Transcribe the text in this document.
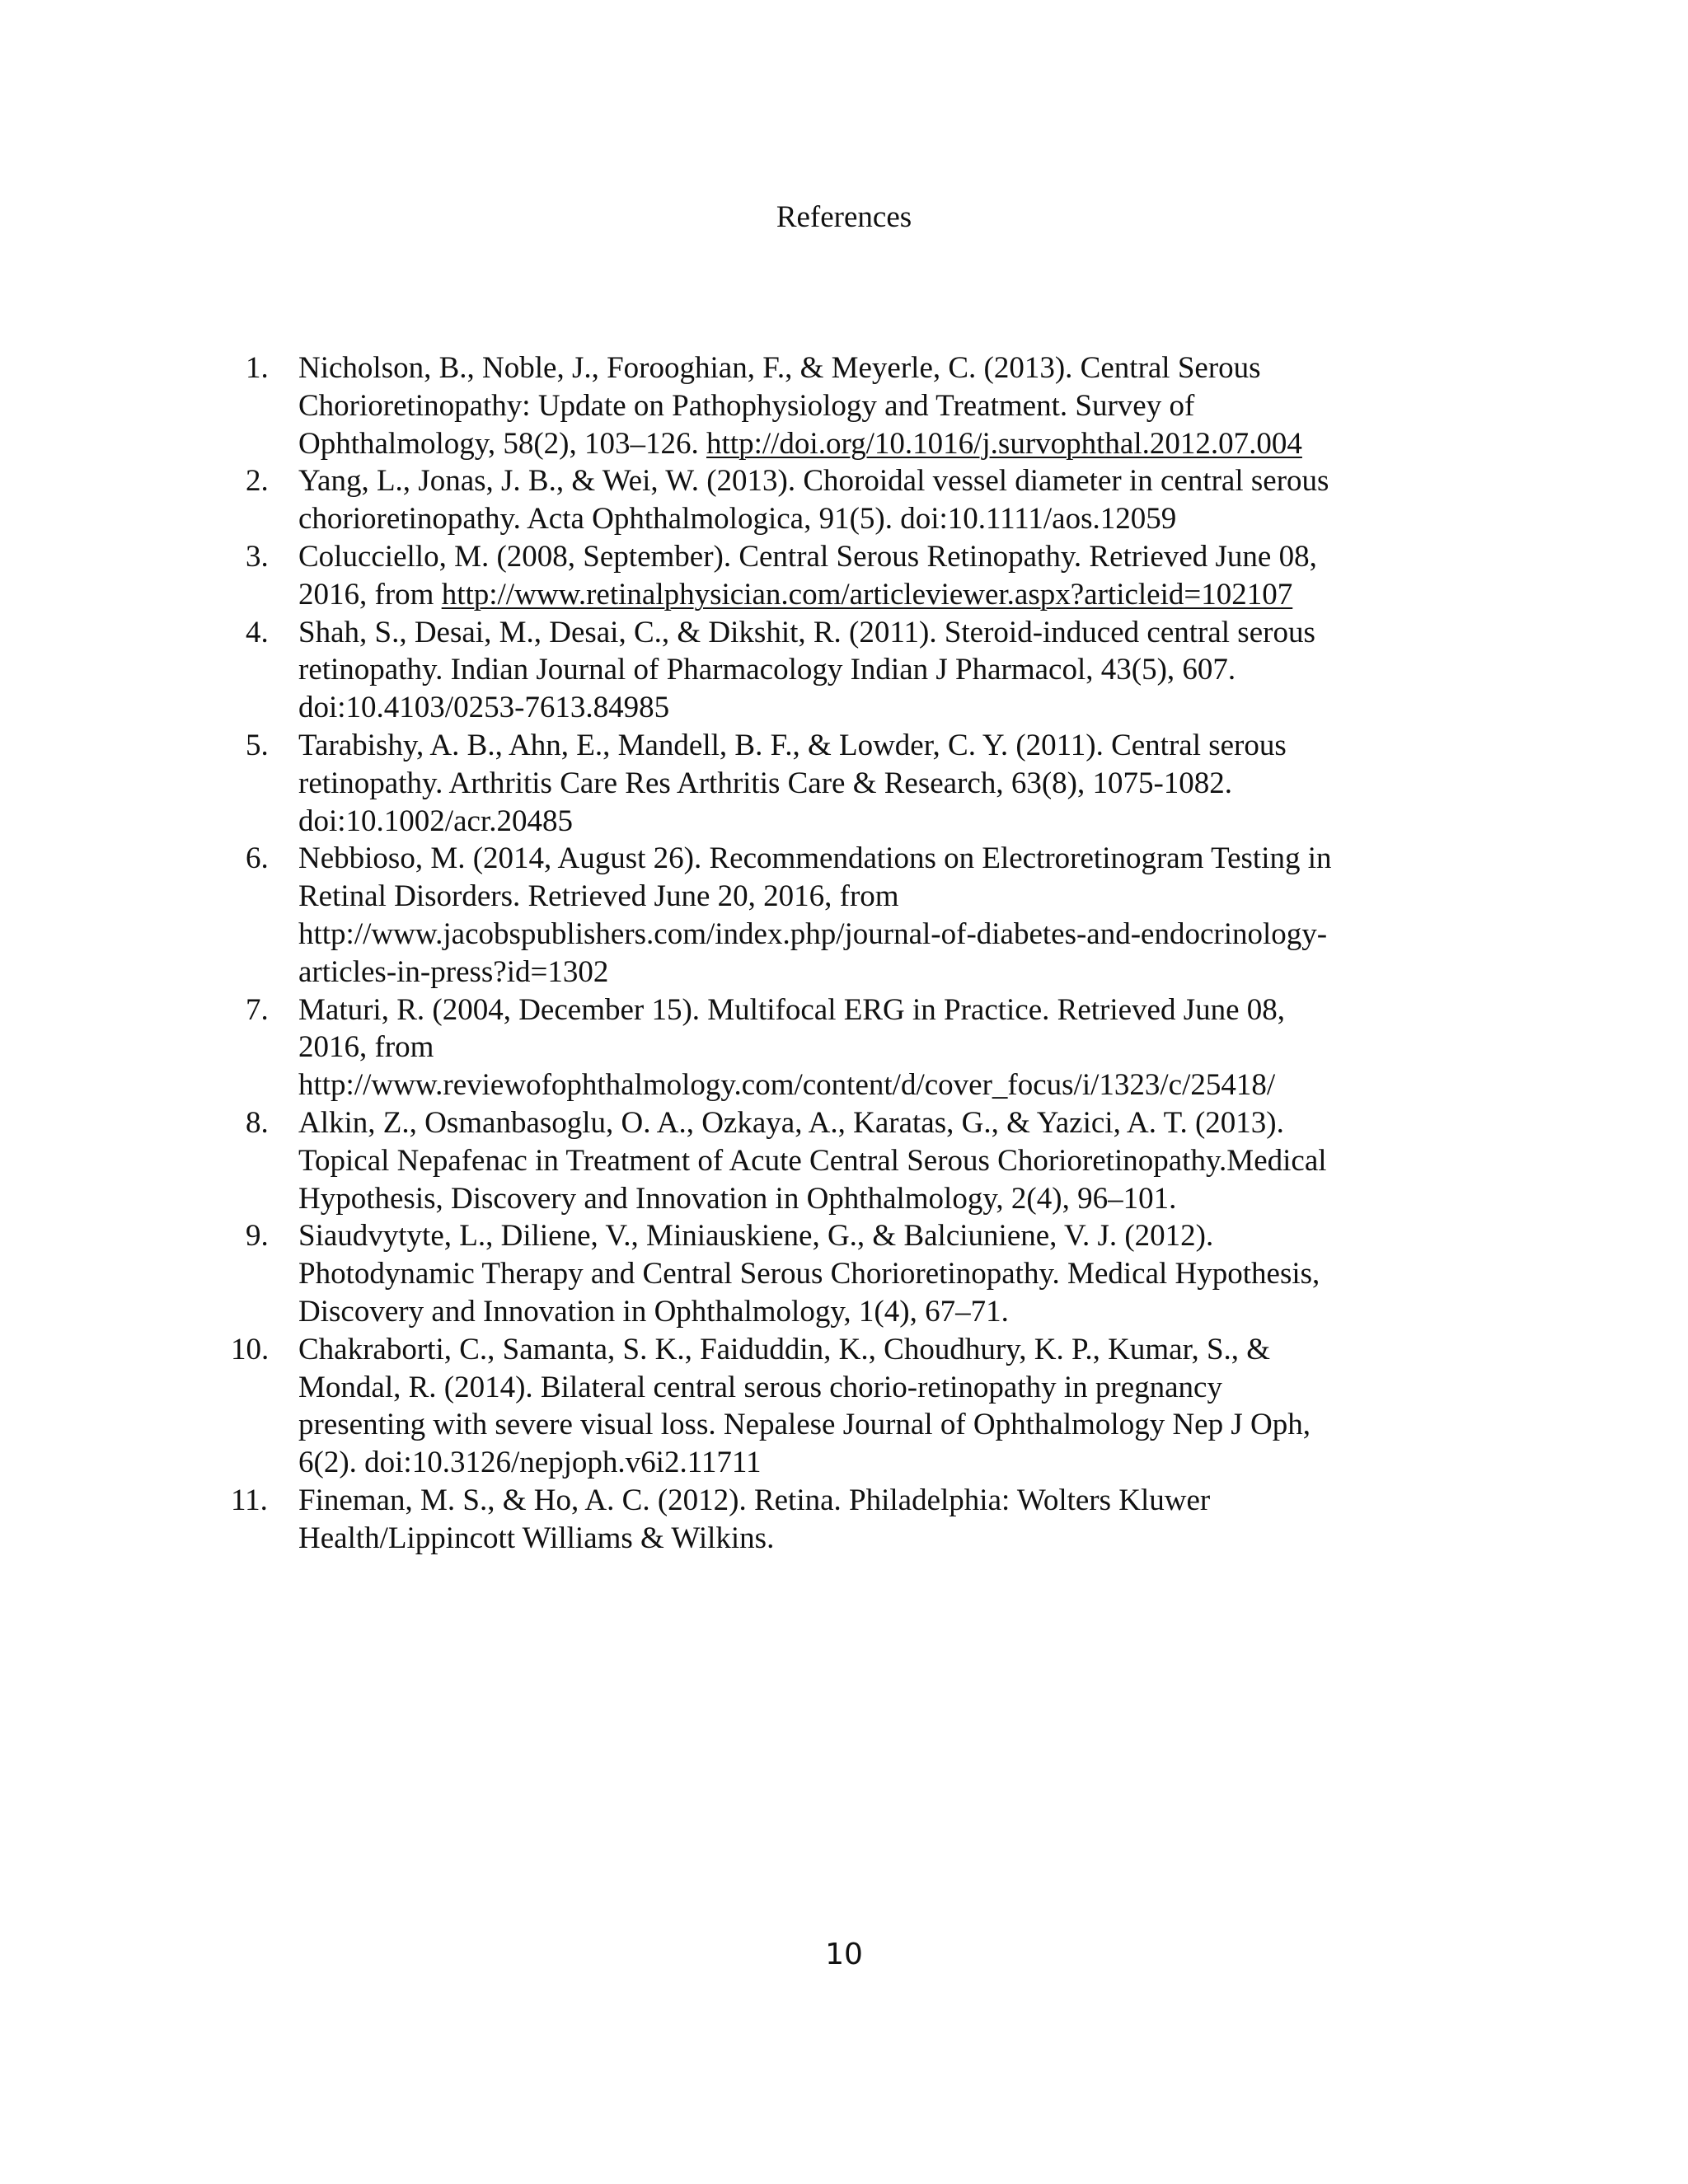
References
1. Nicholson, B., Noble, J., Forooghian, F., & Meyerle, C. (2013). Central Serous
Chorioretinopathy: Update on Pathophysiology and Treatment. Survey of
Ophthalmology, 58(2), 103–126. http://doi.org/10.1016/j.survophthal.2012.07.004
2. Yang, L., Jonas, J. B., & Wei, W. (2013). Choroidal vessel diameter in central serous
chorioretinopathy. Acta Ophthalmologica, 91(5). doi:10.1111/aos.12059
3. Colucciello, M. (2008, September). Central Serous Retinopathy. Retrieved June 08,
2016, from http://www.retinalphysician.com/articleviewer.aspx?articleid=102107
4. Shah, S., Desai, M., Desai, C., & Dikshit, R. (2011). Steroid-induced central serous
retinopathy. Indian Journal of Pharmacology Indian J Pharmacol, 43(5), 607.
doi:10.4103/0253-7613.84985
5. Tarabishy, A. B., Ahn, E., Mandell, B. F., & Lowder, C. Y. (2011). Central serous
retinopathy. Arthritis Care Res Arthritis Care & Research, 63(8), 1075-1082.
doi:10.1002/acr.20485
6. Nebbioso, M. (2014, August 26). Recommendations on Electroretinogram Testing in
Retinal Disorders. Retrieved June 20, 2016, from
http://www.jacobspublishers.com/index.php/journal-of-diabetes-and-endocrinology-
articles-in-press?id=1302
7. Maturi, R. (2004, December 15). Multifocal ERG in Practice. Retrieved June 08,
2016, from
http://www.reviewofophthalmology.com/content/d/cover_focus/i/1323/c/25418/
8. Alkin, Z., Osmanbasoglu, O. A., Ozkaya, A., Karatas, G., & Yazici, A. T. (2013).
Topical Nepafenac in Treatment of Acute Central Serous Chorioretinopathy.Medical
Hypothesis, Discovery and Innovation in Ophthalmology, 2(4), 96–101.
9. Siaudvytyte, L., Diliene, V., Miniauskiene, G., & Balciuniene, V. J. (2012).
Photodynamic Therapy and Central Serous Chorioretinopathy. Medical Hypothesis,
Discovery and Innovation in Ophthalmology, 1(4), 67–71.
10. Chakraborti, C., Samanta, S. K., Faiduddin, K., Choudhury, K. P., Kumar, S., &
Mondal, R. (2014). Bilateral central serous chorio-retinopathy in pregnancy
presenting with severe visual loss. Nepalese Journal of Ophthalmology Nep J Oph,
6(2). doi:10.3126/nepjoph.v6i2.11711
11. Fineman, M. S., & Ho, A. C. (2012). Retina. Philadelphia: Wolters Kluwer
Health/Lippincott Williams & Wilkins.
10
